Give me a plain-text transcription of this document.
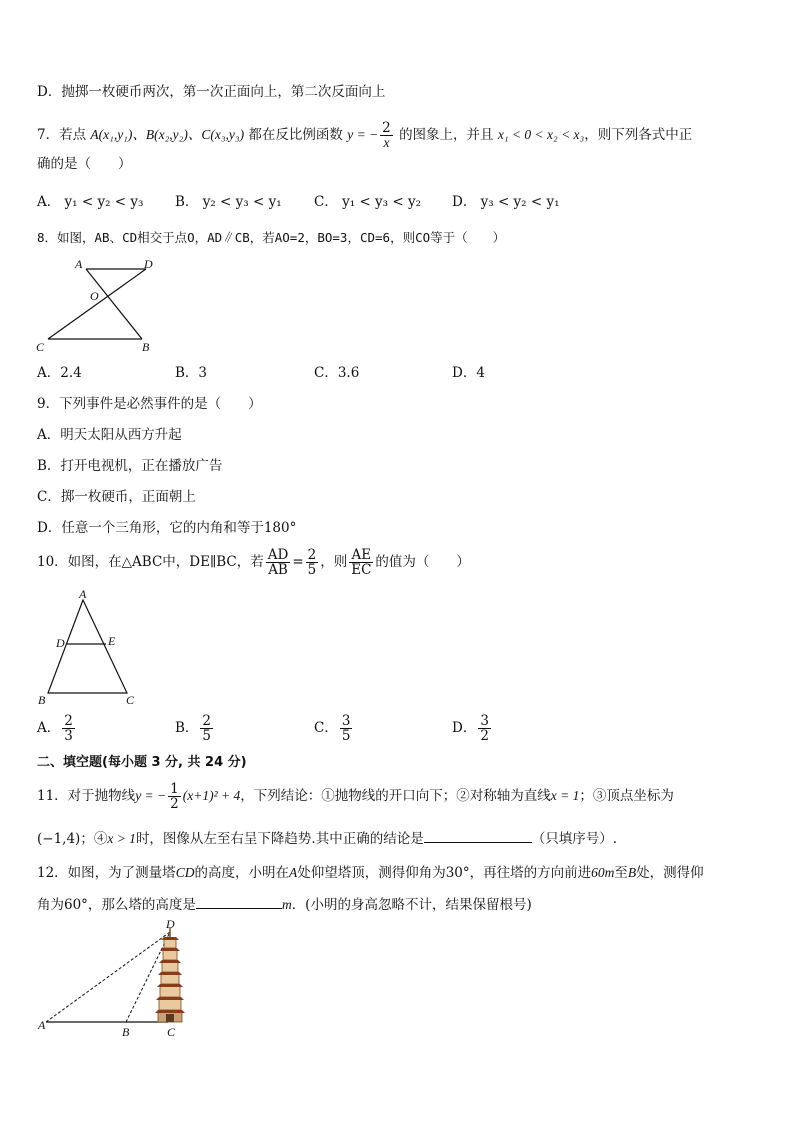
D．抛掷一枚硬币两次，第一次正面向上，第二次反面向上
7．若点 A(x₁,y₁)、B(x₂,y₂)、C(x₃,y₃) 都在反比例函数 y = − $\frac{2}{x}$ 的图象上，并且 x₁ < 0 < x₂ < x₃，则下列各式中正
确的是（　　）
A． y₁ < y₂ < y₃ B． y₂ < y₃ < y₁ C． y₁ < y₃ < y₂ D． y₃ < y₂ < y₁
8．如图，AB、CD相交于点O，AD∥CB，若AO=2，BO=3，CD=6，则CO等于（　　）
A	D
O
C	B
A．2.4	B．3	C．3.6	D．4
9．下列事件是必然事件的是（　　）
A．明天太阳从西方升起
B．打开电视机，正在播放广告
C．掷一枚硬币，正面朝上
D．任意一个三角形，它的内角和等于180°
10．如图，在△ABC中，DE∥BC，若 $\frac{AD}{AB} = \frac{2}{5}$ ，则 $\frac{AE}{EC}$ 的值为（　　）
A
D	E
B	C
A． $\frac{2}{3}$	B． $\frac{2}{5}$	C． $\frac{3}{5}$	D． $\frac{3}{2}$
二、填空题(每小题 3 分, 共 24 分)
11．对于抛物线y = − $\frac{1}{2} (x+1)^2 + 4$，下列结论：①抛物线的开口向下；②对称轴为直线x = 1；③顶点坐标为
(−1,4)；④x > 1时，图像从左至右呈下降趋势.其中正确的结论是	（只填序号）.
12．如图，为了测量塔CD的高度，小明在A处仰望塔顶，测得仰角为30°，再往塔的方向前进60m至B处，测得仰
角为60°，那么塔的高度是	m．(小明的身高忽略不计，结果保留根号)
A	B	C
D
